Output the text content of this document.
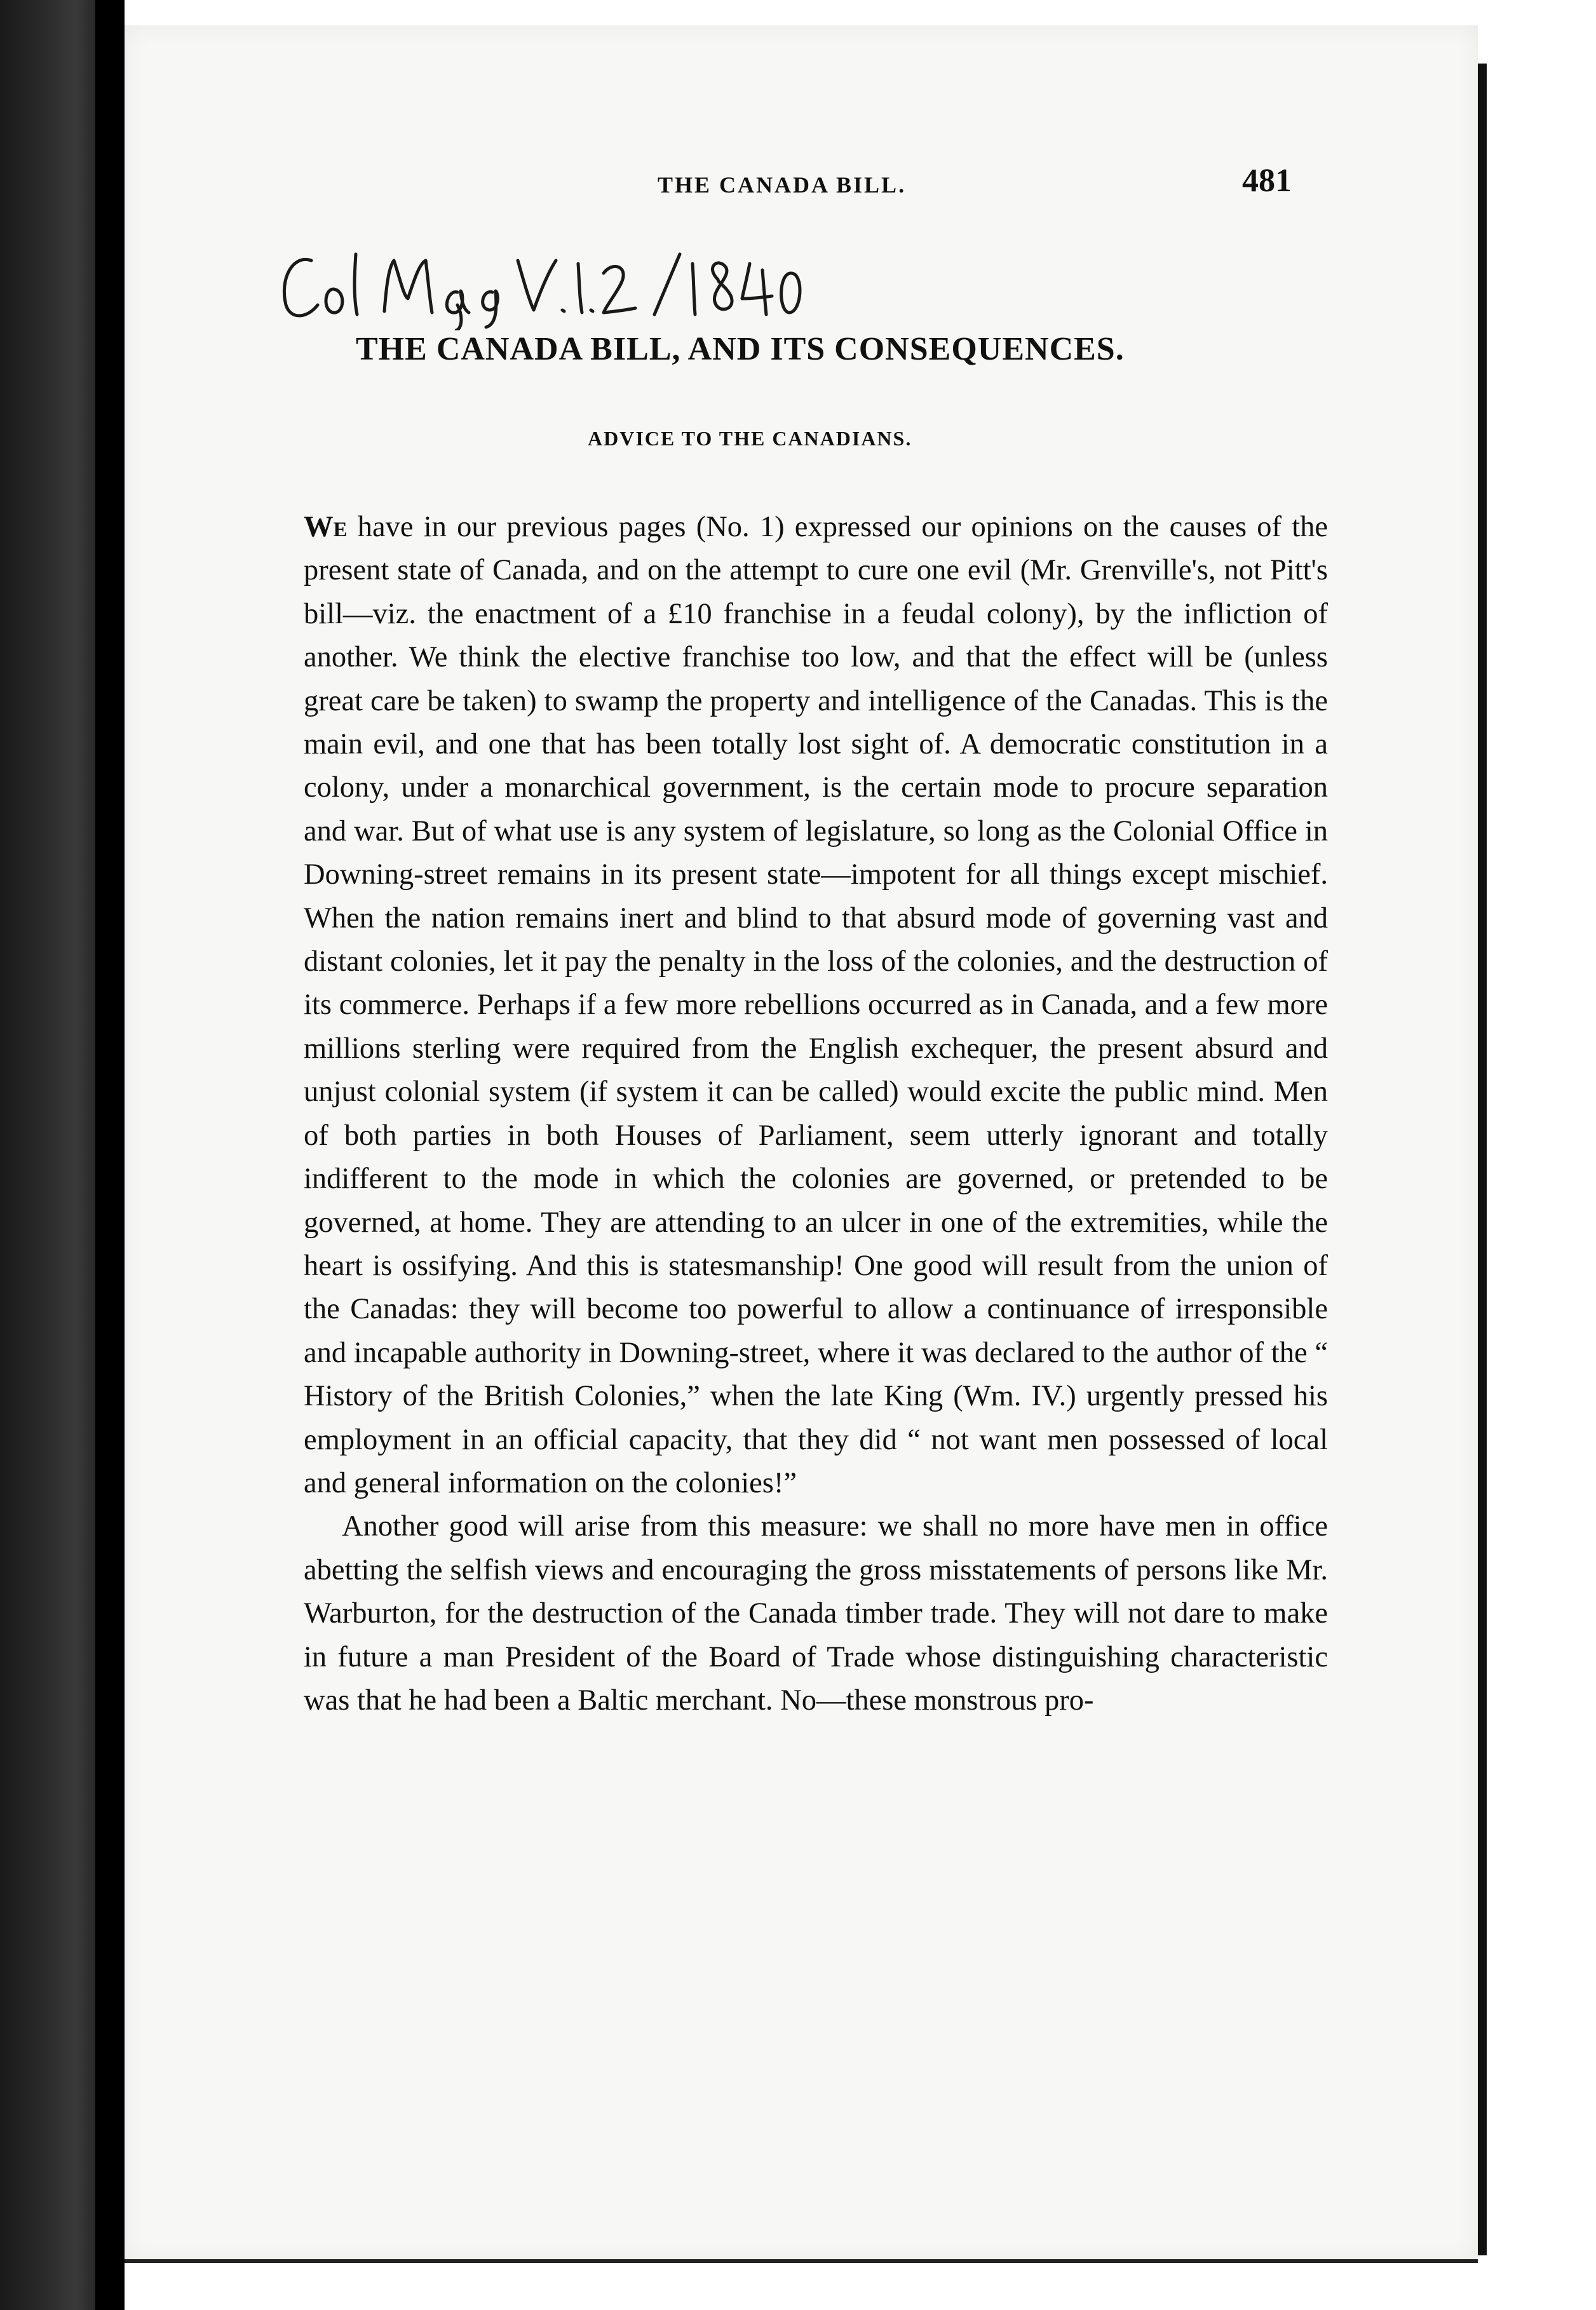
THE CANADA BILL.	481
THE CANADA BILL, AND ITS CONSEQUENCES.
ADVICE TO THE CANADIANS.

We have in our previous pages (No. 1) expressed our opinions on the causes of the present state of Canada, and on the attempt to cure one evil (Mr. Grenville's, not Pitt's bill—viz. the enactment of a £10 franchise in a feudal colony), by the infliction of another. We think the elective franchise too low, and that the effect will be (unless great care be taken) to swamp the property and intelligence of the Canadas. This is the main evil, and one that has been totally lost sight of. A democratic constitution in a colony, under a monarchical government, is the certain mode to procure separation and war. But of what use is any system of legislature, so long as the Colonial Office in Downing-street remains in its present state—impotent for all things except mischief. When the nation remains inert and blind to that absurd mode of governing vast and distant colonies, let it pay the penalty in the loss of the colonies, and the destruction of its commerce. Perhaps if a few more rebellions occurred as in Canada, and a few more millions sterling were required from the English exchequer, the present absurd and unjust colonial system (if system it can be called) would excite the public mind. Men of both parties in both Houses of Parliament, seem utterly ignorant and totally indifferent to the mode in which the colonies are governed, or pretended to be governed, at home. They are attending to an ulcer in one of the extremities, while the heart is ossifying. And this is statesmanship! One good will result from the union of the Canadas: they will become too powerful to allow a continuance of irresponsible and incapable authority in Downing-street, where it was declared to the author of the “ History of the British Colonies,” when the late King (Wm. IV.) urgently pressed his employment in an official capacity, that they did “ not want men possessed of local and general information on the colonies!”

Another good will arise from this measure: we shall no more have men in office abetting the selfish views and encouraging the gross misstatements of persons like Mr. Warburton, for the destruction of the Canada timber trade. They will not dare to make in future a man President of the Board of Trade whose distinguishing characteristic was that he had been a Baltic merchant. No—these monstrous pro-
